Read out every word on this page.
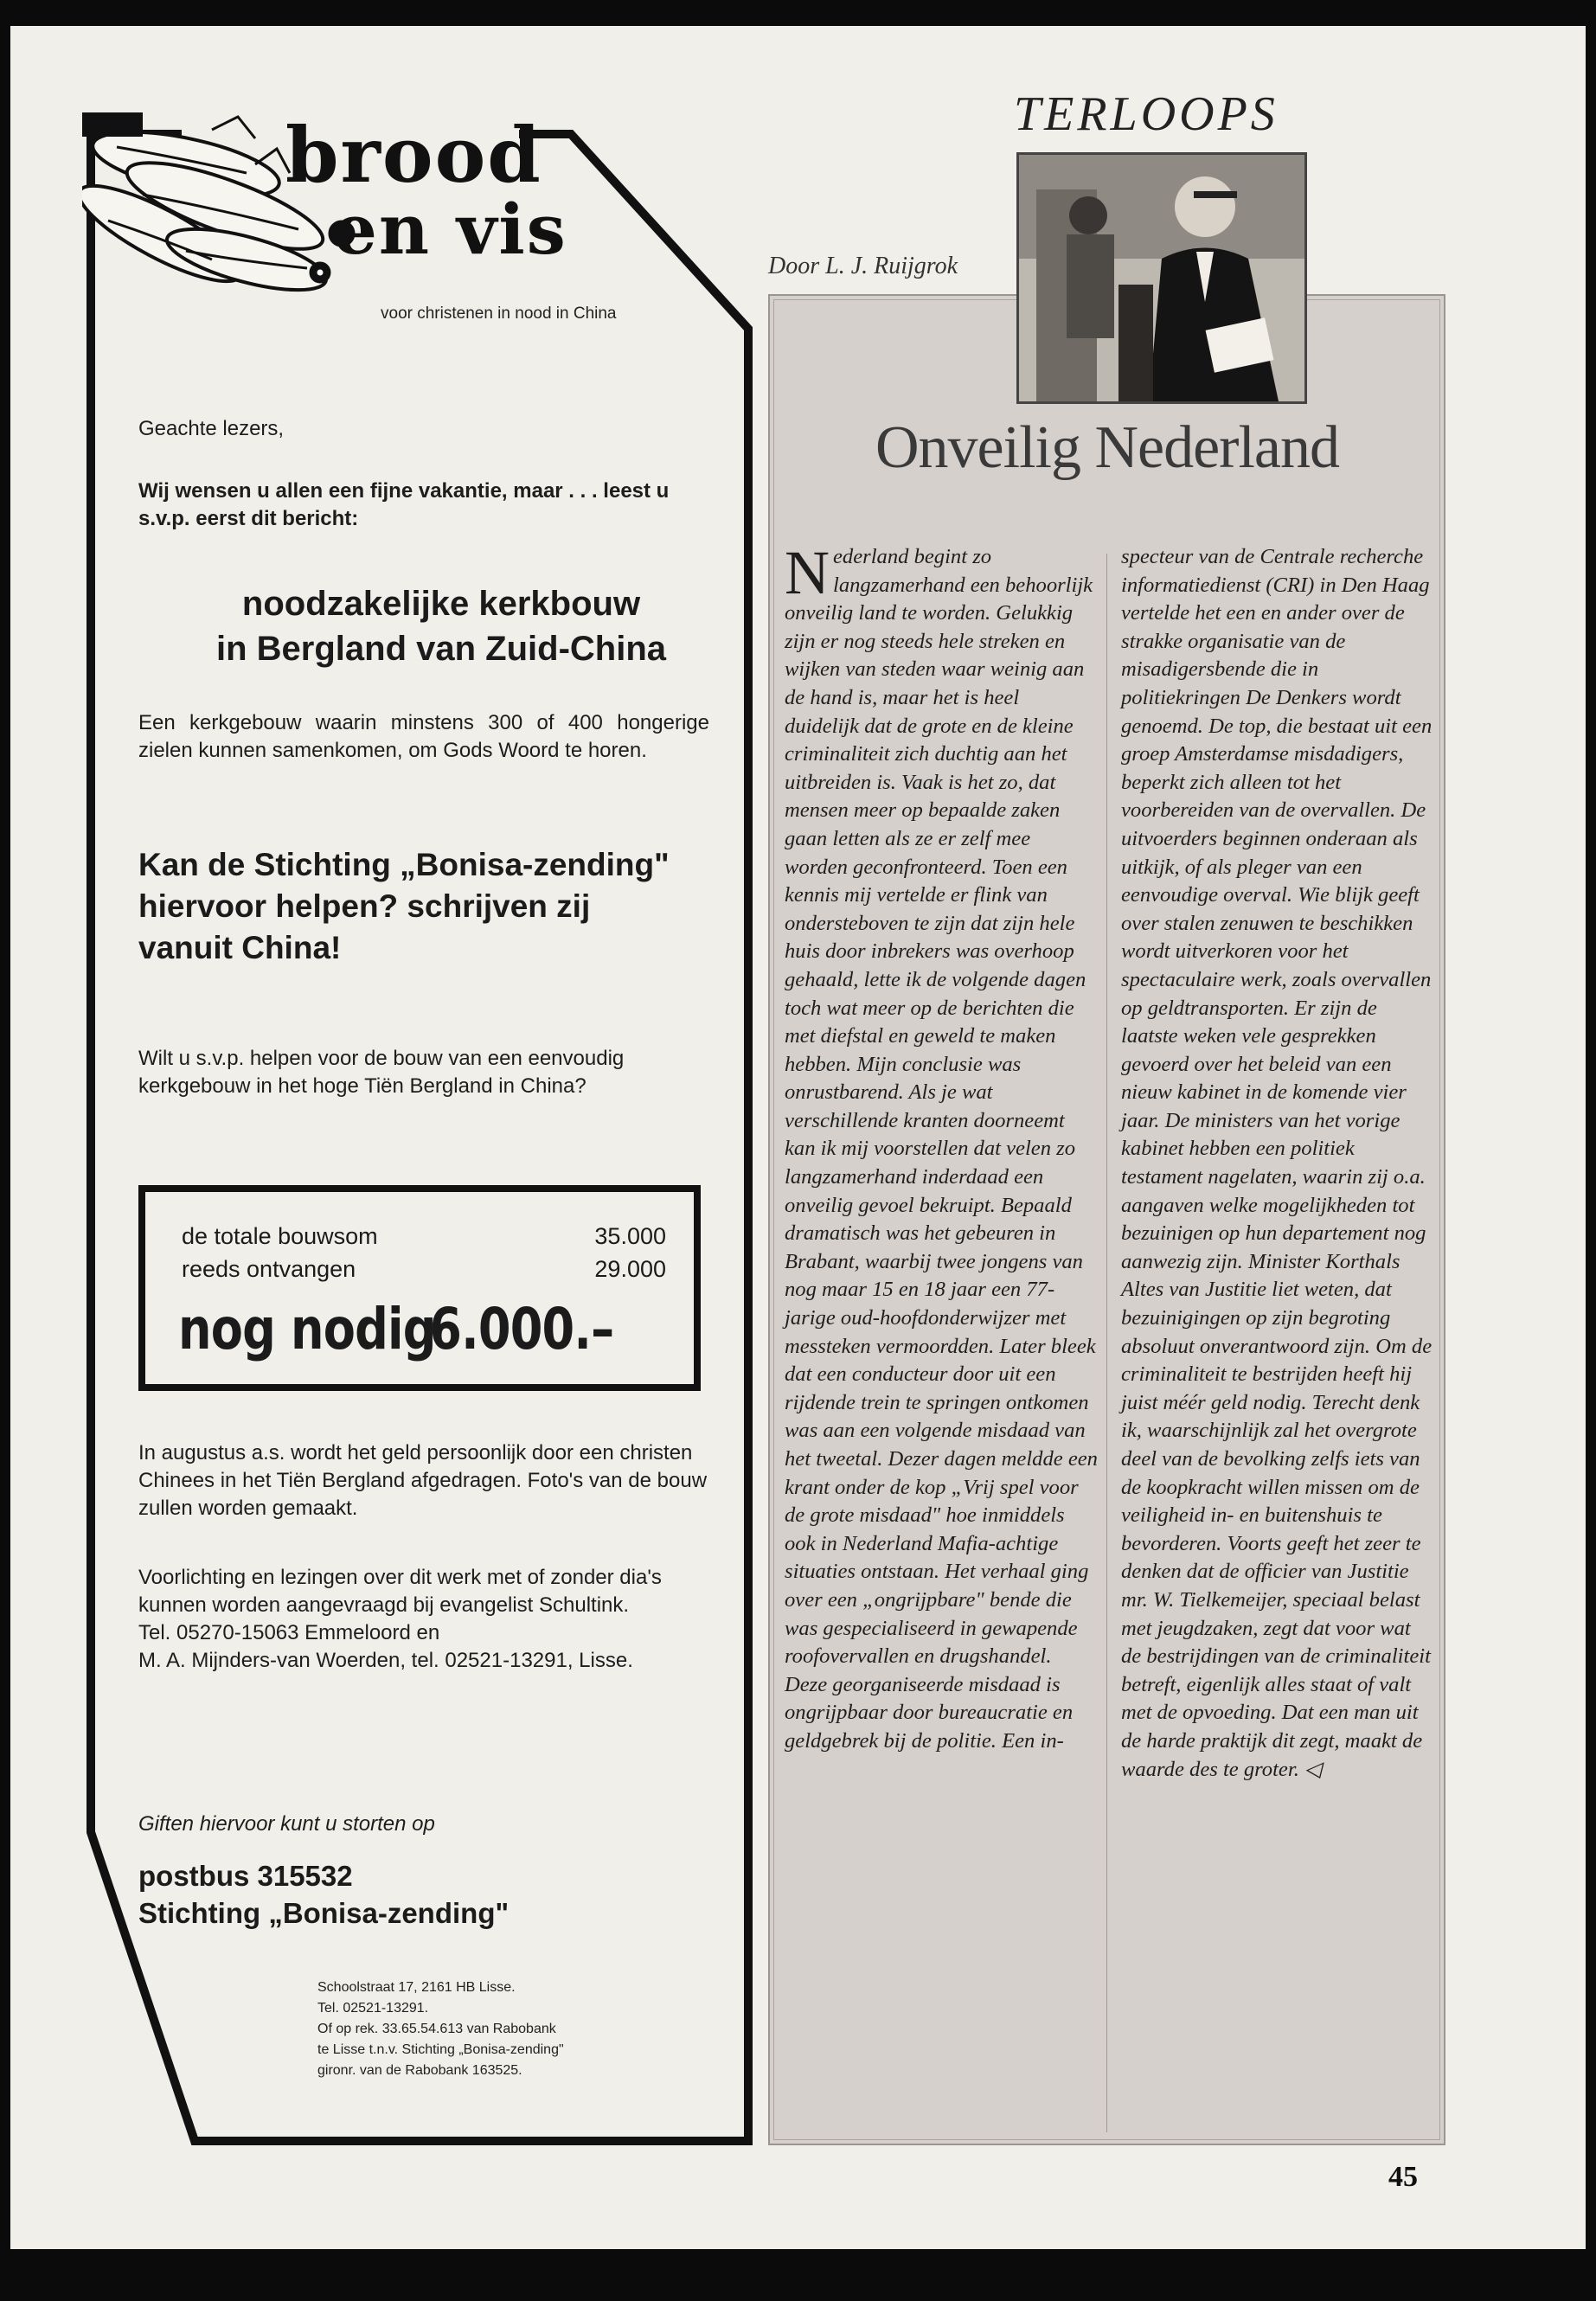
brood
en vis
voor christenen in nood in China
Geachte lezers,
Wij wensen u allen een fijne vakantie, maar . . . leest u s.v.p. eerst dit bericht:
noodzakelijke kerkbouw
in Bergland van Zuid-China
Een kerkgebouw waarin minstens 300 of 400 hongerige zielen kunnen samenkomen, om Gods Woord te horen.
Kan de Stichting „Bonisa-zending" hiervoor helpen? schrijven zij vanuit China!
Wilt u s.v.p. helpen voor de bouw van een eenvoudig kerkgebouw in het hoge Tiën Bergland in China?
de totale bouwsom	35.000
reeds ontvangen	29.000
nog nodig
6.000.–
In augustus a.s. wordt het geld persoonlijk door een christen Chinees in het Tiën Bergland afgedragen. Foto's van de bouw zullen worden gemaakt.
Voorlichting en lezingen over dit werk met of zonder dia's kunnen worden aangevraagd bij evangelist Schultink.
Tel. 05270-15063 Emmeloord en
M. A. Mijnders-van Woerden, tel. 02521-13291, Lisse.
Giften hiervoor kunt u storten op
postbus 315532
Stichting „Bonisa-zending"
Schoolstraat 17, 2161 HB Lisse.
Tel. 02521-13291.
Of op rek. 33.65.54.613 van Rabobank
te Lisse t.n.v. Stichting „Bonisa-zending"
gironr. van de Rabobank 163525.
TERLOOPS
Door L. J. Ruijgrok
Onveilig Nederland
N ederland begint zo langzamerhand een behoorlijk onveilig land te worden. Gelukkig zijn er nog steeds hele streken en wijken van steden waar weinig aan de hand is, maar het is heel duidelijk dat de grote en de kleine criminaliteit zich duchtig aan het uitbreiden is. Vaak is het zo, dat mensen meer op bepaalde zaken gaan letten als ze er zelf mee worden geconfronteerd. Toen een kennis mij vertelde er flink van ondersteboven te zijn dat zijn hele huis door inbrekers was overhoop gehaald, lette ik de volgende dagen toch wat meer op de berichten die met diefstal en geweld te maken hebben. Mijn conclusie was onrustbarend. Als je wat verschillende kranten doorneemt kan ik mij voorstellen dat velen zo langzamerhand inderdaad een onveilig gevoel bekruipt. Bepaald dramatisch was het gebeuren in Brabant, waarbij twee jongens van nog maar 15 en 18 jaar een 77-jarige oud-hoofdonderwijzer met messteken vermoordden. Later bleek dat een conducteur door uit een rijdende trein te springen ontkomen was aan een volgende misdaad van het tweetal. Dezer dagen meldde een krant onder de kop „Vrij spel voor de grote misdaad" hoe inmiddels ook in Nederland Mafia-achtige situaties ontstaan. Het verhaal ging over een „ongrijpbare" bende die was gespecialiseerd in gewapende roofovervallen en drugshandel. Deze georganiseerde misdaad is ongrijpbaar door bureaucratie en geldgebrek bij de politie. Een in-
specteur van de Centrale recherche informatiedienst (CRI) in Den Haag vertelde het een en ander over de strakke organisatie van de misadigersbende die in politiekringen De Denkers wordt genoemd. De top, die bestaat uit een groep Amsterdamse misdadigers, beperkt zich alleen tot het voorbereiden van de overvallen. De uitvoerders beginnen onderaan als uitkijk, of als pleger van een eenvoudige overval. Wie blijk geeft over stalen zenuwen te beschikken wordt uitverkoren voor het spectaculaire werk, zoals overvallen op geldtransporten. Er zijn de laatste weken vele gesprekken gevoerd over het beleid van een nieuw kabinet in de komende vier jaar. De ministers van het vorige kabinet hebben een politiek testament nagelaten, waarin zij o.a. aangaven welke mogelijkheden tot bezuinigen op hun departement nog aanwezig zijn. Minister Korthals Altes van Justitie liet weten, dat bezuinigingen op zijn begroting absoluut onverantwoord zijn. Om de criminaliteit te bestrijden heeft hij juist méér geld nodig. Terecht denk ik, waarschijnlijk zal het overgrote deel van de bevolking zelfs iets van de koopkracht willen missen om de veiligheid in- en buitenshuis te bevorderen. Voorts geeft het zeer te denken dat de officier van Justitie mr. W. Tielkemeijer, speciaal belast met jeugdzaken, zegt dat voor wat de bestrijdingen van de criminaliteit betreft, eigenlijk alles staat of valt met de opvoeding. Dat een man uit de harde praktijk dit zegt, maakt de waarde des te groter. ◁
45
